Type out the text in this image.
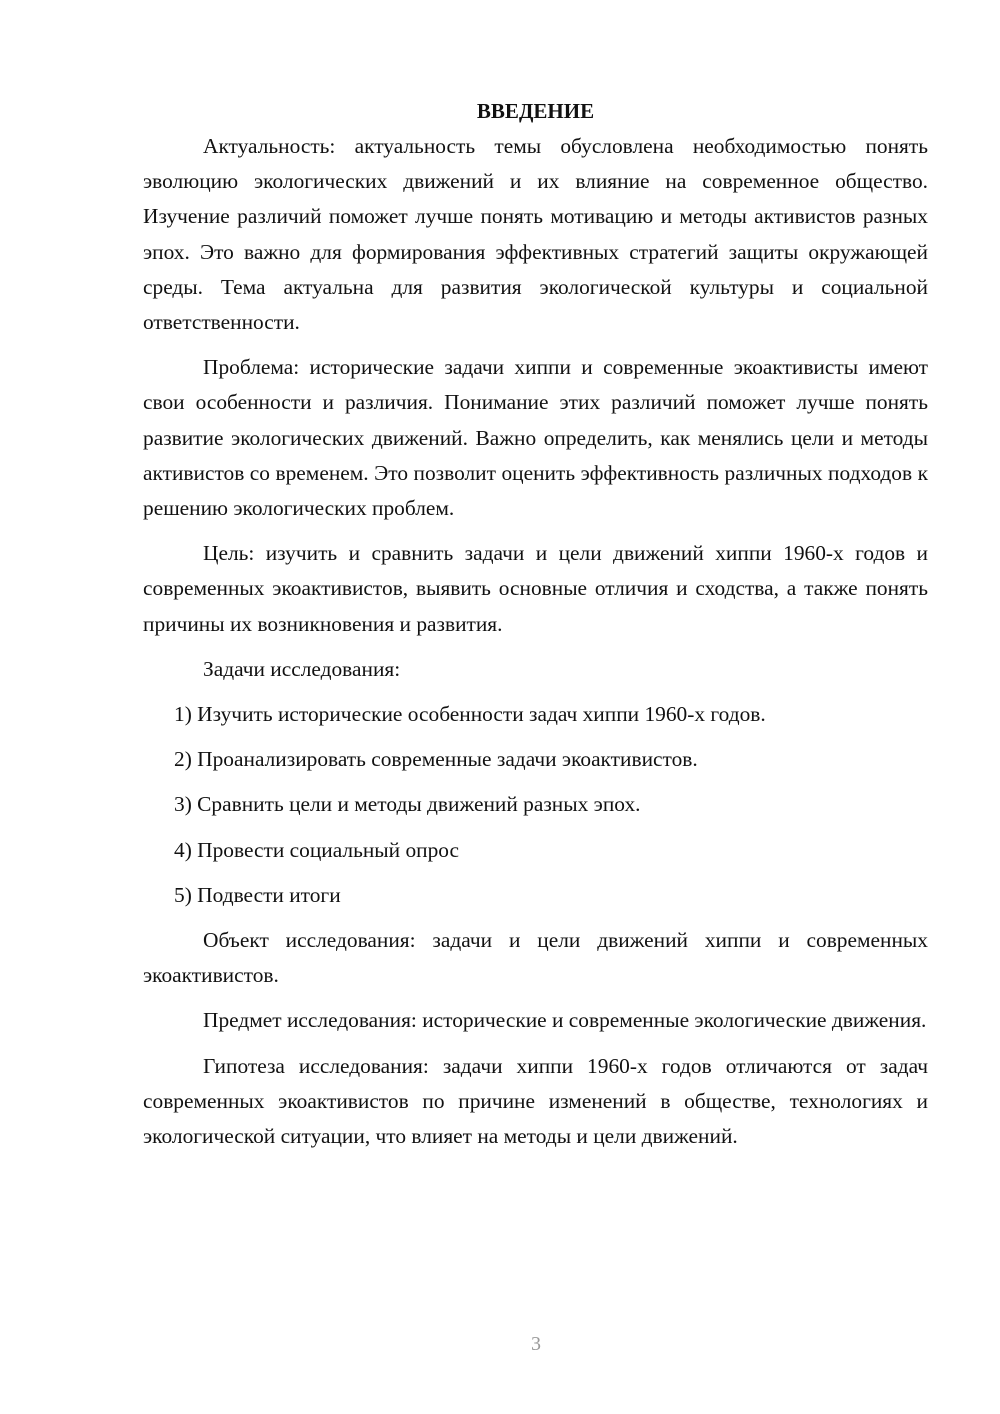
ВВЕДЕНИЕ

Актуальность: актуальность темы обусловлена необходимостью понять эволюцию экологических движений и их влияние на современное общество. Изучение различий поможет лучше понять мотивацию и методы активистов разных эпох. Это важно для формирования эффективных стратегий защиты окружающей среды. Тема актуальна для развития экологической культуры и социальной ответственности.

Проблема: исторические задачи хиппи и современные экоактивисты имеют свои особенности и различия. Понимание этих различий поможет лучше понять развитие экологических движений. Важно определить, как менялись цели и методы активистов со временем. Это позволит оценить эффективность различных подходов к решению экологических проблем.

Цель: изучить и сравнить задачи и цели движений хиппи 1960-х годов и современных экоактивистов, выявить основные отличия и сходства, а также понять причины их возникновения и развития.

Задачи исследования:

1) Изучить исторические особенности задач хиппи 1960-х годов.

2) Проанализировать современные задачи экоактивистов.

3) Сравнить цели и методы движений разных эпох.

4) Провести социальный опрос

5) Подвести итоги

Объект исследования: задачи и цели движений хиппи и современных экоактивистов.

Предмет исследования: исторические и современные экологические движения.

Гипотеза исследования: задачи хиппи 1960-х годов отличаются от задач современных экоактивистов по причине изменений в обществе, технологиях и экологической ситуации, что влияет на методы и цели движений.

3
